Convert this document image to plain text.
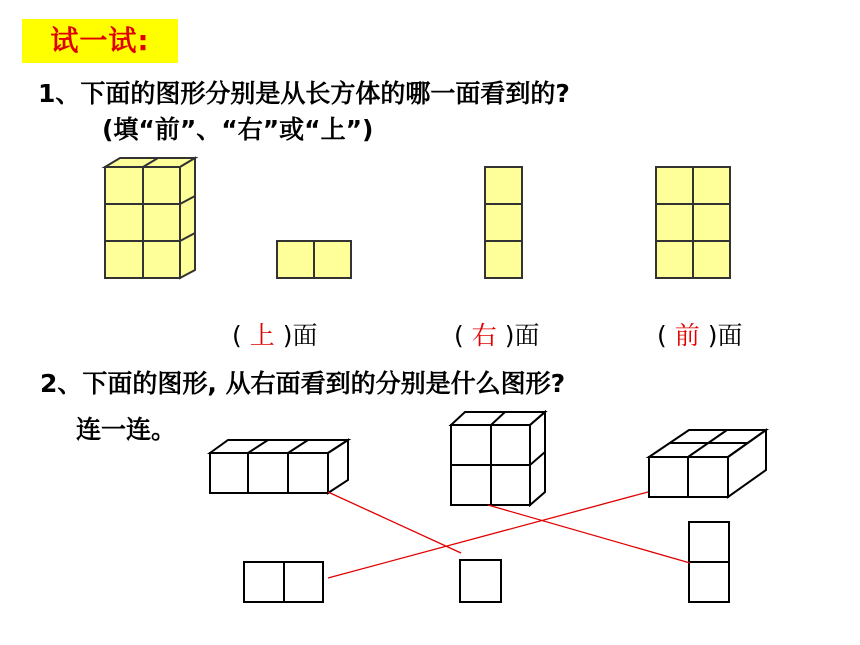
试一试:
1、下面的图形分别是从长方体的哪一面看到的?
(填“前”、“右”或“上”)
( 上 )面	( 右 )面	( 前 )面
2、下面的图形, 从右面看到的分别是什么图形?
连一连。
